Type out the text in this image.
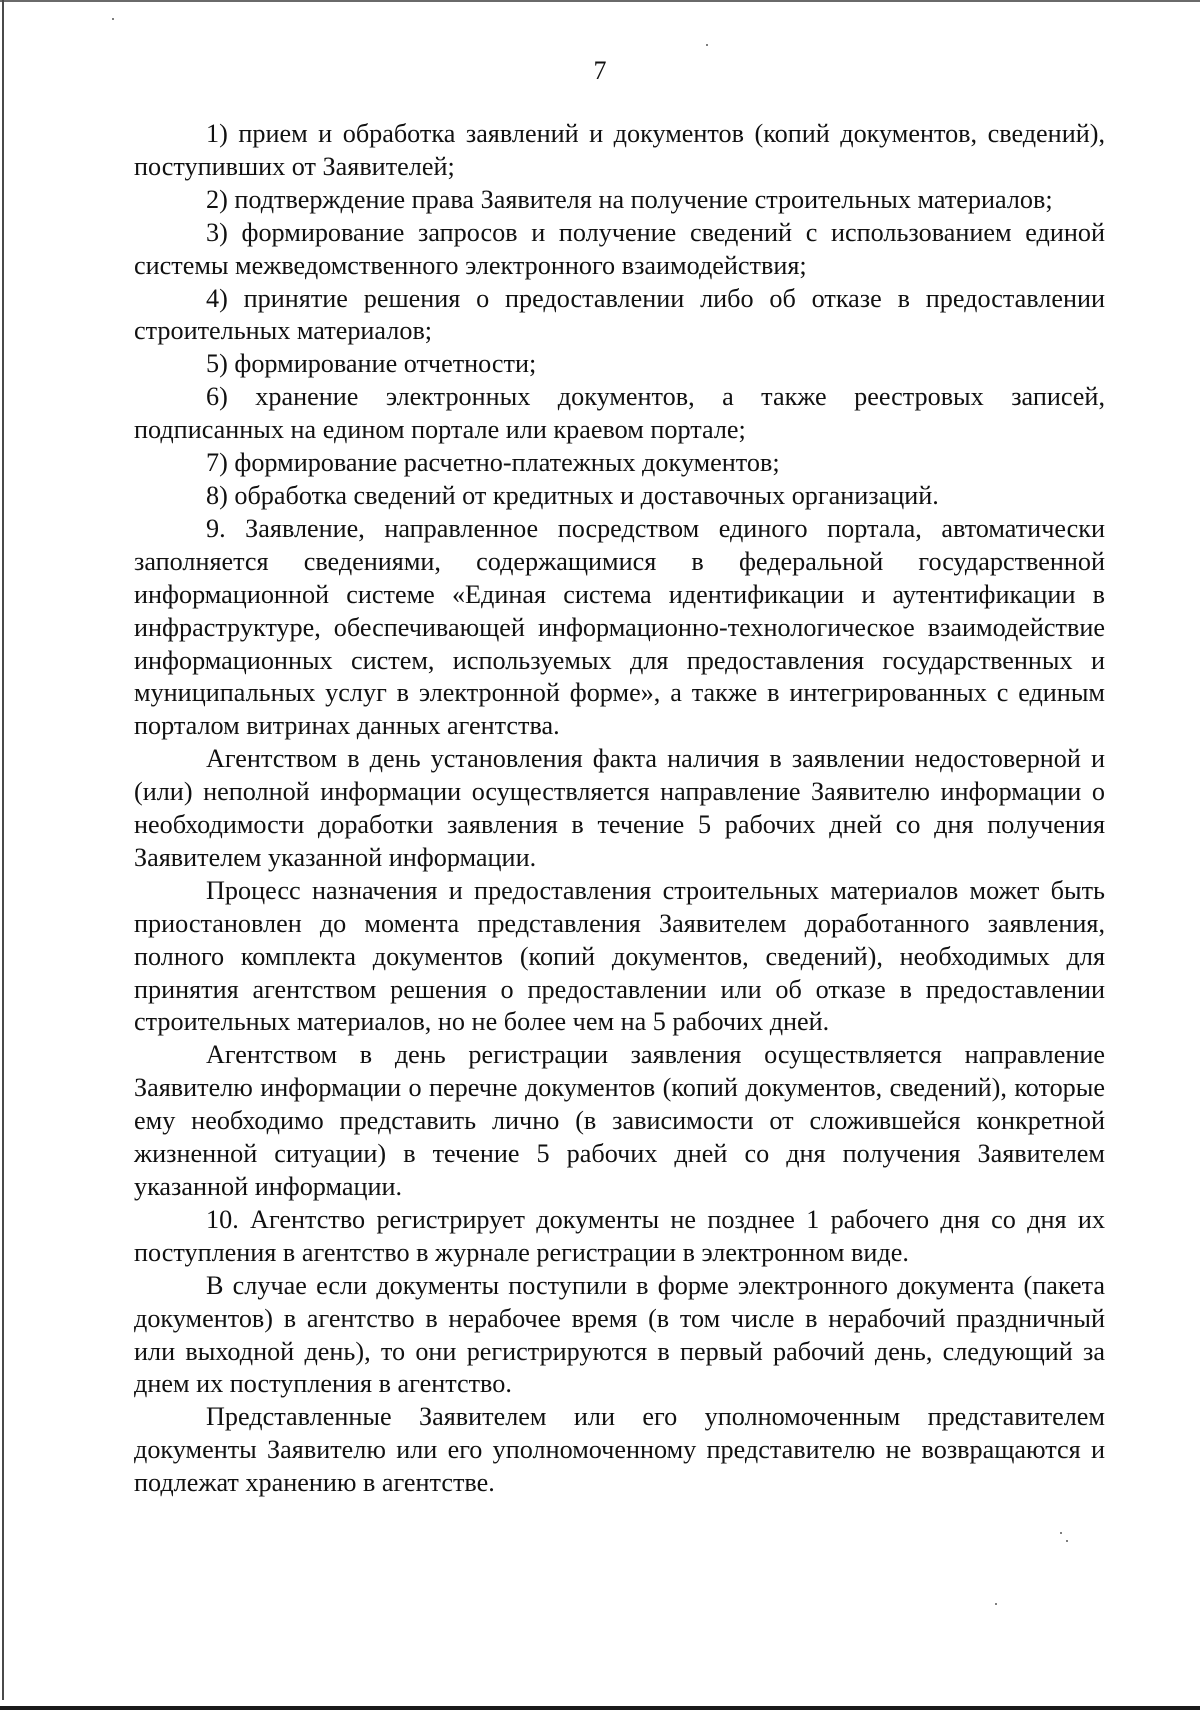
7

1) прием и обработка заявлений и документов (копий документов, сведений), поступивших от Заявителей;

2) подтверждение права Заявителя на получение строительных материалов;

3) формирование запросов и получение сведений с использованием единой системы межведомственного электронного взаимодействия;

4) принятие решения о предоставлении либо об отказе в предоставлении строительных материалов;

5) формирование отчетности;

6) хранение электронных документов, а также реестровых записей, подписанных на едином портале или краевом портале;

7) формирование расчетно-платежных документов;

8) обработка сведений от кредитных и доставочных организаций.

9. Заявление, направленное посредством единого портала, автоматически заполняется сведениями, содержащимися в федеральной государственной информационной системе «Единая система идентификации и аутентификации в инфраструктуре, обеспечивающей информационно-технологическое взаимодействие информационных систем, используемых для предоставления государственных и муниципальных услуг в электронной форме», а также в интегрированных с единым порталом витринах данных агентства.

Агентством в день установления факта наличия в заявлении недостоверной и (или) неполной информации осуществляется направление Заявителю информации о необходимости доработки заявления в течение 5 рабочих дней со дня получения Заявителем указанной информации.

Процесс назначения и предоставления строительных материалов может быть приостановлен до момента представления Заявителем доработанного заявления, полного комплекта документов (копий документов, сведений), необходимых для принятия агентством решения о предоставлении или об отказе в предоставлении строительных материалов, но не более чем на 5 рабочих дней.

Агентством в день регистрации заявления осуществляется направление Заявителю информации о перечне документов (копий документов, сведений), которые ему необходимо представить лично (в зависимости от сложившейся конкретной жизненной ситуации) в течение 5 рабочих дней со дня получения Заявителем указанной информации.

10. Агентство регистрирует документы не позднее 1 рабочего дня со дня их поступления в агентство в журнале регистрации в электронном виде.

В случае если документы поступили в форме электронного документа (пакета документов) в агентство в нерабочее время (в том числе в нерабочий праздничный или выходной день), то они регистрируются в первый рабочий день, следующий за днем их поступления в агентство.

Представленные Заявителем или его уполномоченным представителем документы Заявителю или его уполномоченному представителю не возвращаются и подлежат хранению в агентстве.
